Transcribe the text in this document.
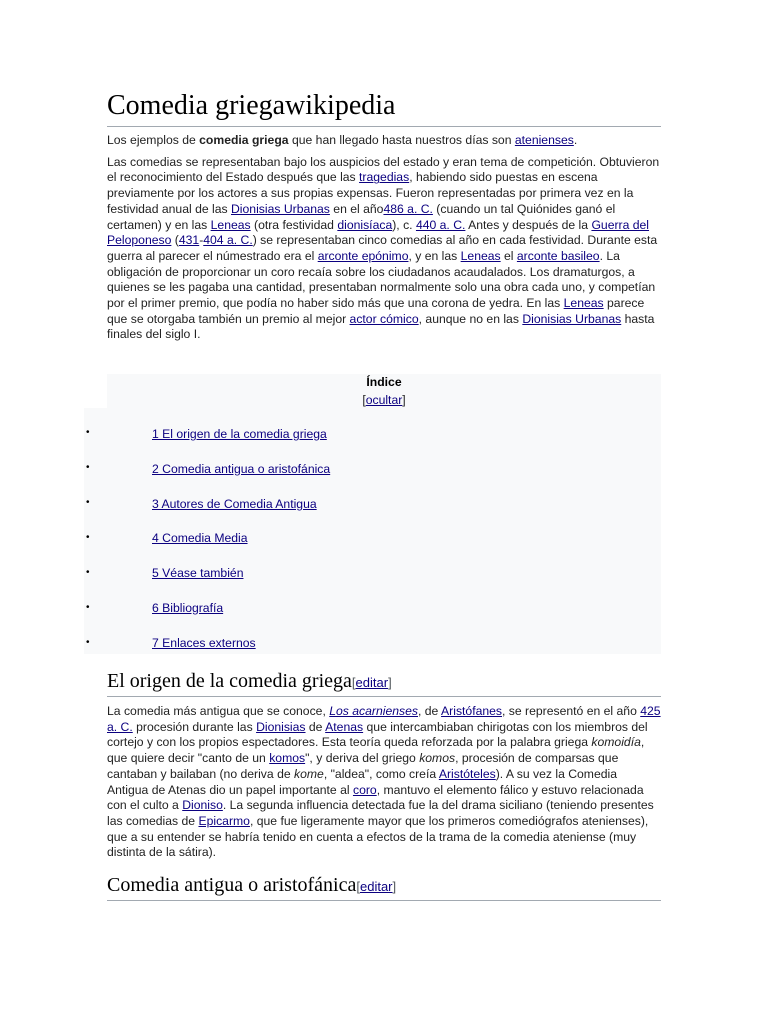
Comedia griegawikipedia

Los ejemplos de comedia griega que han llegado hasta nuestros días son atenienses.

Las comedias se representaban bajo los auspicios del estado y eran tema de competición. Obtuvieron el reconocimiento del Estado después que las tragedias, habiendo sido puestas en escena previamente por los actores a sus propias expensas. Fueron representadas por primera vez en la festividad anual de las Dionisias Urbanas en el año486 a. C. (cuando un tal Quiónides ganó el certamen) y en las Leneas (otra festividad dionisíaca), c. 440 a. C. Antes y después de la Guerra del Peloponeso (431-404 a. C.) se representaban cinco comedias al año en cada festividad. Durante esta guerra al parecer el númestrado era el arconte epónimo, y en las Leneas el arconte basileo. La obligación de proporcionar un coro recaía sobre los ciudadanos acaudalados. Los dramaturgos, a quienes se les pagaba una cantidad, presentaban normalmente solo una obra cada uno, y competían por el primer premio, que podía no haber sido más que una corona de yedra. En las Leneas parece que se otorgaba también un premio al mejor actor cómico, aunque no en las Dionisias Urbanas hasta finales del siglo I.

Índice
[ocultar]
•	1 El origen de la comedia griega
•	2 Comedia antigua o aristofánica
•	3 Autores de Comedia Antigua
•	4 Comedia Media
•	5 Véase también
•	6 Bibliografía
•	7 Enlaces externos
El origen de la comedia griega[editar]

La comedia más antigua que se conoce, Los acarnienses, de Aristófanes, se representó en el año 425 a. C. procesión durante las Dionisias de Atenas que intercambiaban chirigotas con los miembros del cortejo y con los propios espectadores. Esta teoría queda reforzada por la palabra griega komoidía, que quiere decir "canto de un komos", y deriva del griego komos, procesión de comparsas que cantaban y bailaban (no deriva de kome, "aldea", como creía Aristóteles). A su vez la Comedia Antigua de Atenas dio un papel importante al coro, mantuvo el elemento fálico y estuvo relacionada con el culto a Dioniso. La segunda influencia detectada fue la del drama siciliano (teniendo presentes las comedias de Epicarmo, que fue ligeramente mayor que los primeros comediógrafos atenienses), que a su entender se habría tenido en cuenta a efectos de la trama de la comedia ateniense (muy distinta de la sátira).

Comedia antigua o aristofánica[editar]
